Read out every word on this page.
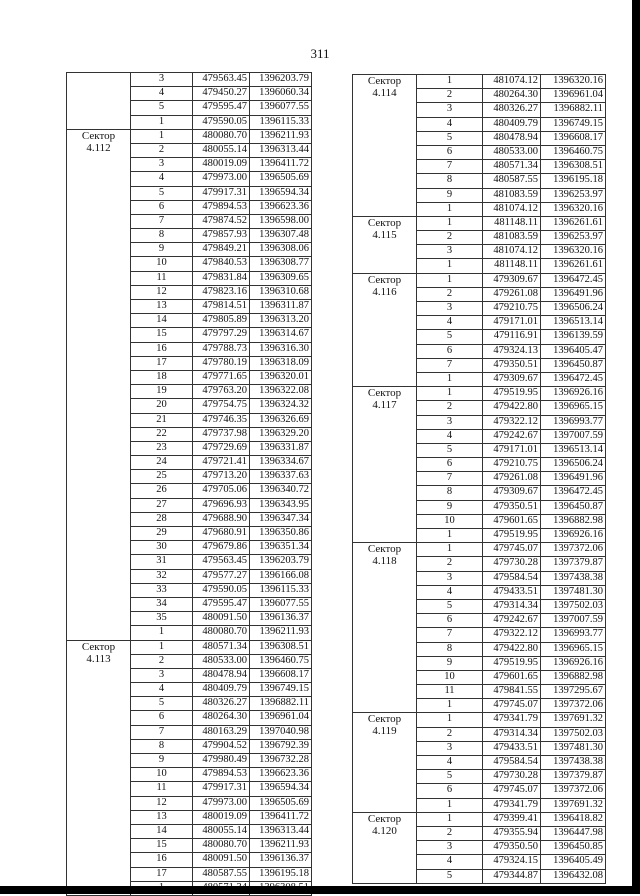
311
	3	479563.45	1396203.79
	4	479450.27	1396060.34
	5	479595.47	1396077.55
	1	479590.05	1396115.33
Сектор 4.112	1	480080.70	1396211.93
	2	480055.14	1396313.44
	3	480019.09	1396411.72
	4	479973.00	1396505.69
	5	479917.31	1396594.34
	6	479894.53	1396623.36
	7	479874.52	1396598.00
	8	479857.93	1396307.48
	9	479849.21	1396308.06
	10	479840.53	1396308.77
	11	479831.84	1396309.65
	12	479823.16	1396310.68
	13	479814.51	1396311.87
	14	479805.89	1396313.20
	15	479797.29	1396314.67
	16	479788.73	1396316.30
	17	479780.19	1396318.09
	18	479771.65	1396320.01
	19	479763.20	1396322.08
	20	479754.75	1396324.32
	21	479746.35	1396326.69
	22	479737.98	1396329.20
	23	479729.69	1396331.87
	24	479721.41	1396334.67
	25	479713.20	1396337.63
	26	479705.06	1396340.72
	27	479696.93	1396343.95
	28	479688.90	1396347.34
	29	479680.91	1396350.86
	30	479679.86	1396351.34
	31	479563.45	1396203.79
	32	479577.27	1396166.08
	33	479590.05	1396115.33
	34	479595.47	1396077.55
	35	480091.50	1396136.37
	1	480080.70	1396211.93
Сектор 4.113	1	480571.34	1396308.51
	2	480533.00	1396460.75
	3	480478.94	1396608.17
	4	480409.79	1396749.15
	5	480326.27	1396882.11
	6	480264.30	1396961.04
	7	480163.29	1397040.98
	8	479904.52	1396792.39
	9	479980.49	1396732.28
	10	479894.53	1396623.36
	11	479917.31	1396594.34
	12	479973.00	1396505.69
	13	480019.09	1396411.72
	14	480055.14	1396313.44
	15	480080.70	1396211.93
	16	480091.50	1396136.37
	17	480587.55	1396195.18

Сектор 4.114	1	481074.12	1396320.16
	2	480264.30	1396961.04
	3	480326.27	1396882.11
	4	480409.79	1396749.15
	5	480478.94	1396608.17
	6	480533.00	1396460.75
	7	480571.34	1396308.51
	8	480587.55	1396195.18
	9	481083.59	1396253.97
	1	481074.12	1396320.16
Сектор 4.115	1	481148.11	1396261.61
	2	481083.59	1396253.97
	3	481074.12	1396320.16
	1	481148.11	1396261.61
Сектор 4.116	1	479309.67	1396472.45
	2	479261.08	1396491.96
	3	479210.75	1396506.24
	4	479171.01	1396513.14
	5	479116.91	1396139.59
	6	479324.13	1396405.47
	7	479350.51	1396450.87
	1	479309.67	1396472.45
Сектор 4.117	1	479519.95	1396926.16
	2	479422.80	1396965.15
	3	479322.12	1396993.77
	4	479242.67	1397007.59
	5	479171.01	1396513.14
	6	479210.75	1396506.24
	7	479261.08	1396491.96
	8	479309.67	1396472.45
	9	479350.51	1396450.87
	10	479601.65	1396882.98
	1	479519.95	1396926.16
Сектор 4.118	1	479745.07	1397372.06
	2	479730.28	1397379.87
	3	479584.54	1397438.38
	4	479433.51	1397481.30
	5	479314.34	1397502.03
	6	479242.67	1397007.59
	7	479322.12	1396993.77
	8	479422.80	1396965.15
	9	479519.95	1396926.16
	10	479601.65	1396882.98
	11	479841.55	1397295.67
	1	479745.07	1397372.06
Сектор 4.119	1	479341.79	1397691.32
	2	479314.34	1397502.03
	3	479433.51	1397481.30
	4	479584.54	1397438.38
	5	479730.28	1397379.87
	6	479745.07	1397372.06
	1	479341.79	1397691.32
Сектор 4.120	1	479399.41	1396418.82
	2	479355.94	1396447.98
	3	479350.50	1396450.85
	4	479324.15	1396405.49
	5	479344.87	1396432.08
